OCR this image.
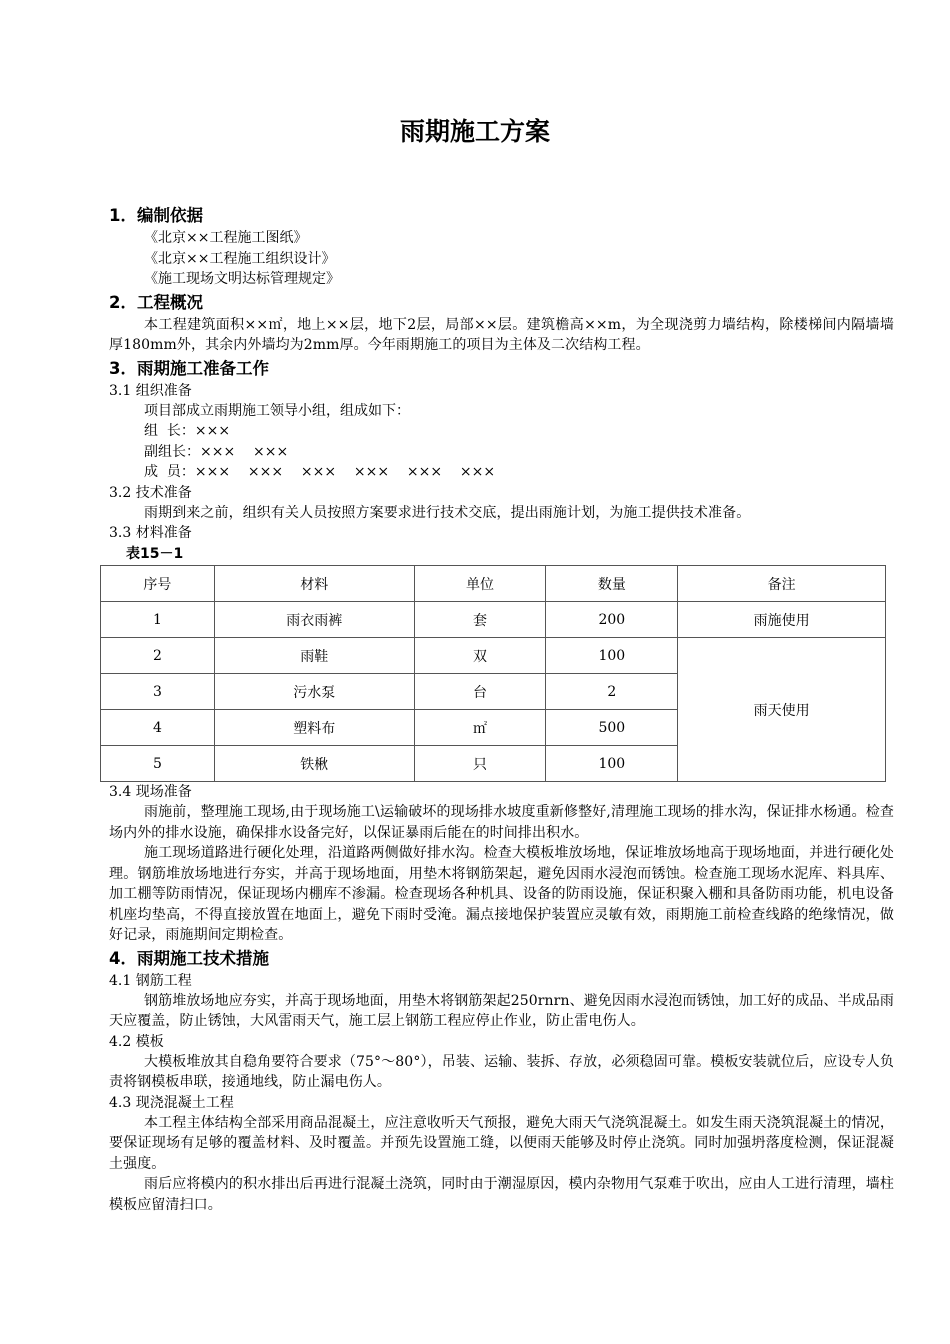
雨期施工方案
1．编制依据
《北京××工程施工图纸》
《北京××工程施工组织设计》
《施工现场文明达标管理规定》
2．工程概况
本工程建筑面积××㎡，地上××层，地下2层，局部××层。建筑檐高××m，为全现浇剪力墙结构，除楼梯间内隔墙墙厚180mm外，其余内外墙均为2mm厚。今年雨期施工的项目为主体及二次结构工程。
3．雨期施工准备工作
3.1 组织准备
项目部成立雨期施工领导小组，组成如下：
组  长：×××
副组长：×××    ×××
成  员：×××    ×××    ×××    ×××    ×××    ×××
3.2 技术准备
雨期到来之前，组织有关人员按照方案要求进行技术交底，提出雨施计划，为施工提供技术准备。
3.3 材料准备
表15－1
序号	材料	单位	数量	备注
1	雨衣雨裤	套	200	雨施使用
2	雨鞋	双	100	雨天使用
3	污水泵	台	2	
4	塑料布	㎡	500	
5	铁楸	只	100	
3.4 现场准备
雨施前，整理施工现场,由于现场施工\运输破坏的现场排水坡度重新修整好,清理施工现场的排水沟，保证排水杨通。检查场内外的排水设施，确保排水设备完好，以保证暴雨后能在的时间排出积水。
施工现场道路进行硬化处理，沿道路两侧做好排水沟。检查大模板堆放场地，保证堆放场地高于现场地面，并进行硬化处理。钢筋堆放场地进行夯实，并高于现场地面，用垫木将钢筋架起，避免因雨水浸泡而锈蚀。检查施工现场水泥库、料具库、加工棚等防雨情况，保证现场内棚库不渗漏。检查现场各种机具、设备的防雨设施，保证积聚入棚和具备防雨功能，机电设备机座均垫高，不得直接放置在地面上，避免下雨时受淹。漏点接地保护装置应灵敏有效，雨期施工前检查线路的绝缘情况，做好记录，雨施期间定期检查。
4．雨期施工技术措施
4.1 钢筋工程
钢筋堆放场地应夯实，并高于现场地面，用垫木将钢筋架起250rnrn、避免因雨水浸泡而锈蚀，加工好的成品、半成品雨天应覆盖，防止锈蚀，大风雷雨天气，施工层上钢筋工程应停止作业，防止雷电伤人。
4.2 模板
大模板堆放其自稳角要符合要求（75°～80°），吊装、运输、装拆、存放，必须稳固可靠。模板安装就位后，应设专人负责将钢模板串联，接通地线，防止漏电伤人。
4.3 现浇混凝土工程
本工程主体结构全部采用商品混凝土，应注意收听天气预报，避免大雨天气浇筑混凝土。如发生雨天浇筑混凝土的情况，要保证现场有足够的覆盖材料、及时覆盖。并预先设置施工缝，以便雨天能够及时停止浇筑。同时加强坍落度检测，保证混凝土强度。
雨后应将模内的积水排出后再进行混凝土浇筑，同时由于潮湿原因，模内杂物用气泵难于吹出，应由人工进行清理，墙柱模板应留清扫口。
